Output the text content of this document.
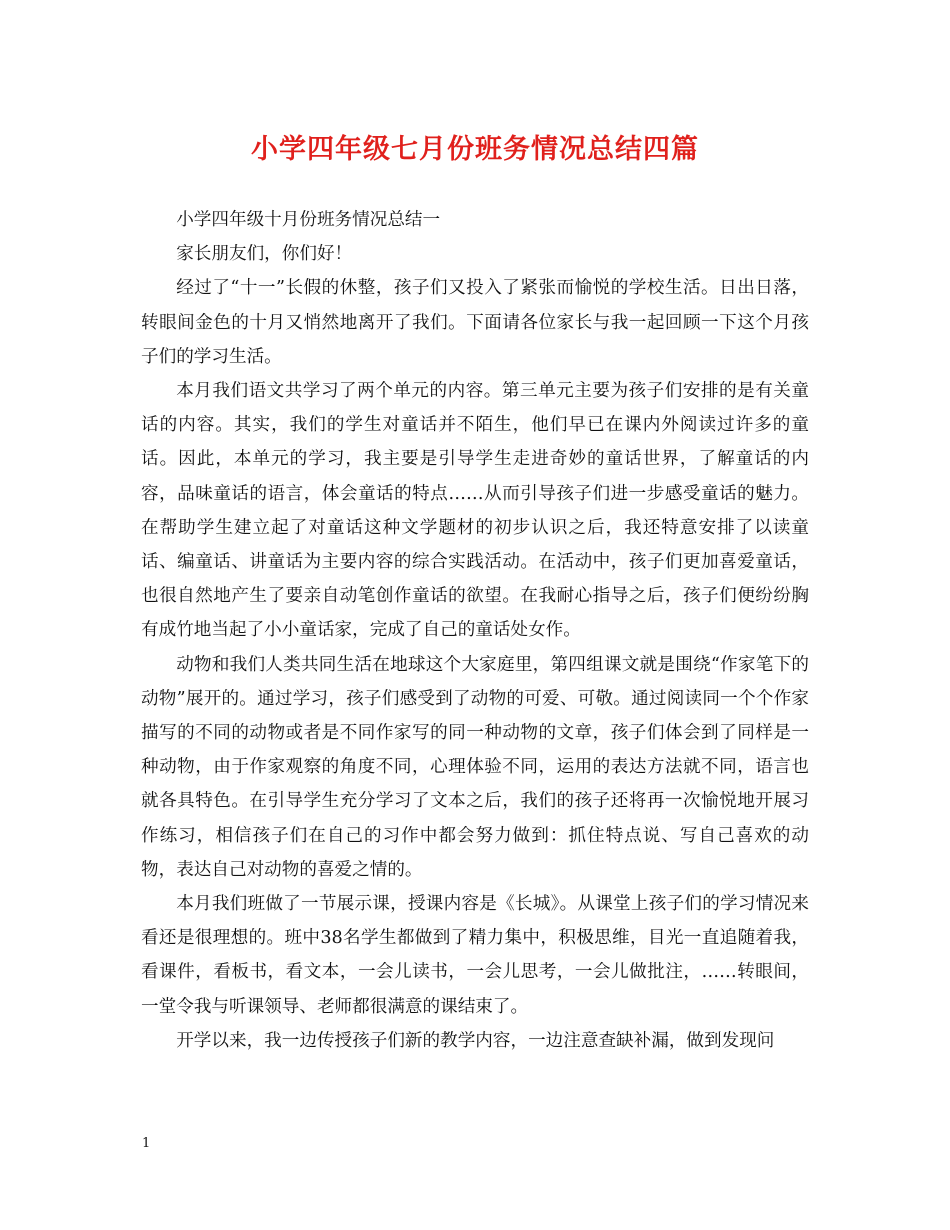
小学四年级七月份班务情况总结四篇

小学四年级十月份班务情况总结一

家长朋友们，你们好！

经过了“十一”长假的休整，孩子们又投入了紧张而愉悦的学校生活。日出日落，转眼间金色的十月又悄然地离开了我们。下面请各位家长与我一起回顾一下这个月孩子们的学习生活。

本月我们语文共学习了两个单元的内容。第三单元主要为孩子们安排的是有关童话的内容。其实，我们的学生对童话并不陌生，他们早已在课内外阅读过许多的童话。因此，本单元的学习，我主要是引导学生走进奇妙的童话世界，了解童话的内容，品味童话的语言，体会童话的特点……从而引导孩子们进一步感受童话的魅力。在帮助学生建立起了对童话这种文学题材的初步认识之后，我还特意安排了以读童话、编童话、讲童话为主要内容的综合实践活动。在活动中，孩子们更加喜爱童话，也很自然地产生了要亲自动笔创作童话的欲望。在我耐心指导之后，孩子们便纷纷胸有成竹地当起了小小童话家，完成了自己的童话处女作。

动物和我们人类共同生活在地球这个大家庭里，第四组课文就是围绕“作家笔下的动物”展开的。通过学习，孩子们感受到了动物的可爱、可敬。通过阅读同一个个作家描写的不同的动物或者是不同作家写的同一种动物的文章，孩子们体会到了同样是一种动物，由于作家观察的角度不同，心理体验不同，运用的表达方法就不同，语言也就各具特色。在引导学生充分学习了文本之后，我们的孩子还将再一次愉悦地开展习作练习，相信孩子们在自己的习作中都会努力做到：抓住特点说、写自己喜欢的动物，表达自己对动物的喜爱之情的。

本月我们班做了一节展示课，授课内容是《长城》。从课堂上孩子们的学习情况来看还是很理想的。班中38名学生都做到了精力集中，积极思维，目光一直追随着我，看课件，看板书，看文本，一会儿读书，一会儿思考，一会儿做批注，……转眼间，一堂令我与听课领导、老师都很满意的课结束了。

开学以来，我一边传授孩子们新的教学内容，一边注意查缺补漏，做到发现问

1
